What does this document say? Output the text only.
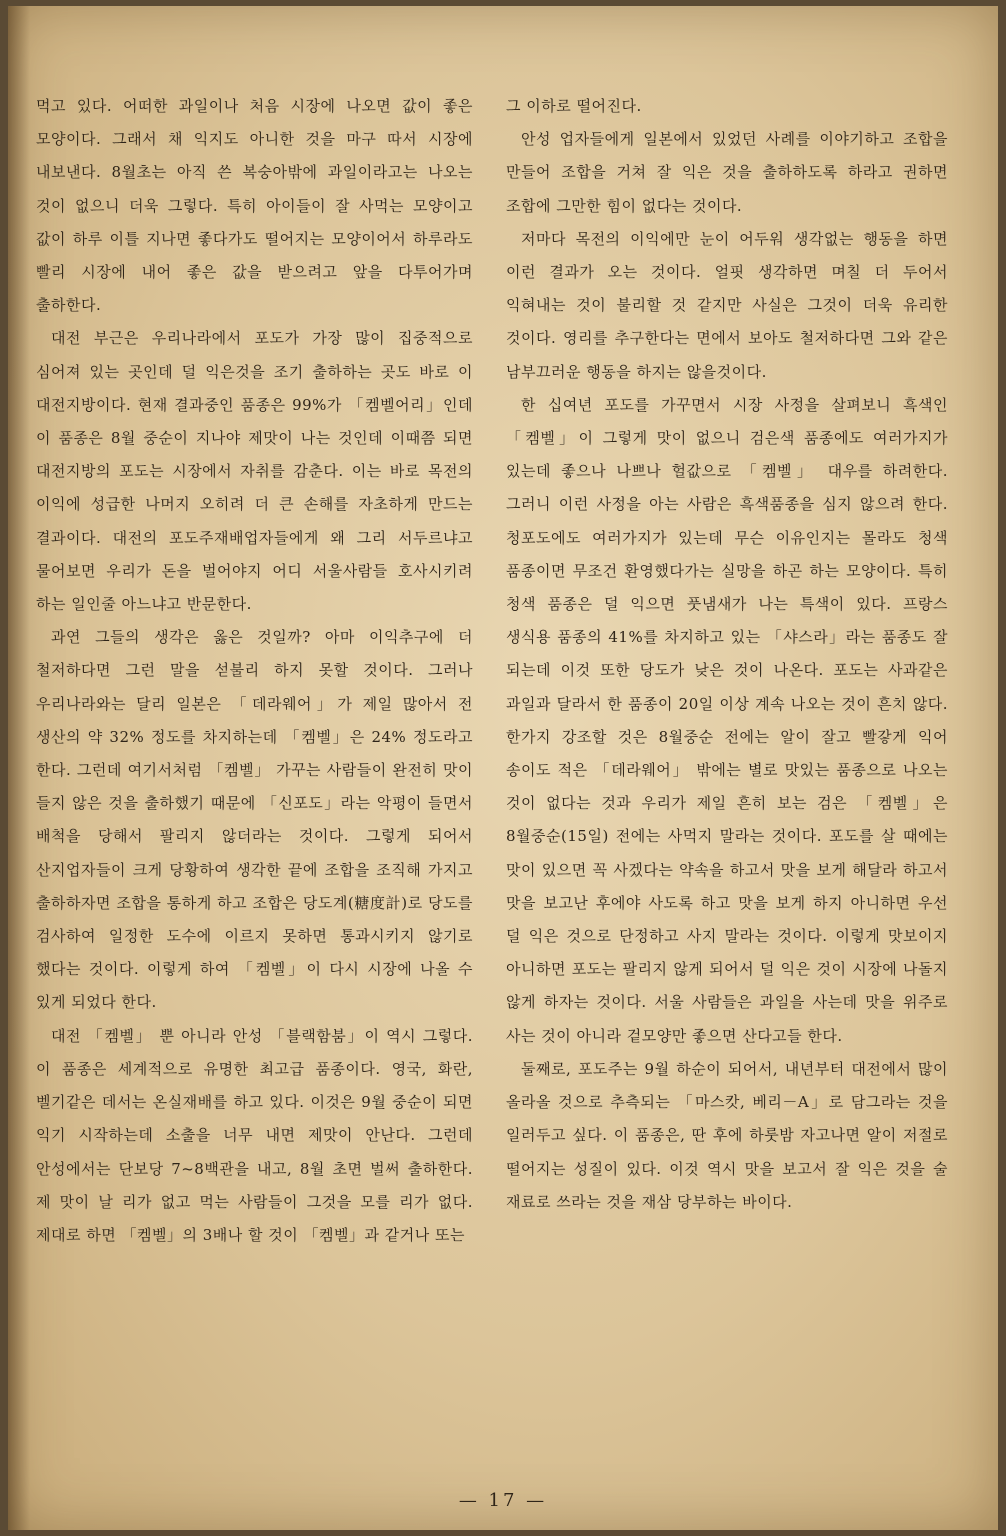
먹고 있다. 어떠한 과일이나 처음 시장에 나오면 값이 좋은 모양이다. 그래서 채 익지도 아니한 것을 마구 따서 시장에 내보낸다. 8월초는 아직 쓴 복숭아밖에 과일이라고는 나오는 것이 없으니 더욱 그렇다. 특히 아이들이 잘 사먹는 모양이고 값이 하루 이틀 지나면 좋다가도 떨어지는 모양이어서 하루라도 빨리 시장에 내어 좋은 값을 받으려고 앞을 다투어가며 출하한다.

대전 부근은 우리나라에서 포도가 가장 많이 집중적으로 심어져 있는 곳인데 덜 익은것을 조기 출하하는 곳도 바로 이 대전지방이다. 현재 결과중인 품종은 99%가 「켐벨어리」인데 이 품종은 8월 중순이 지나야 제맛이 나는 것인데 이때쯤 되면 대전지방의 포도는 시장에서 자취를 감춘다. 이는 바로 목전의 이익에 성급한 나머지 오히려 더 큰 손해를 자초하게 만드는 결과이다. 대전의 포도주재배업자들에게 왜 그리 서두르냐고 물어보면 우리가 돈을 벌어야지 어디 서울사람들 호사시키려 하는 일인줄 아느냐고 반문한다.

과연 그들의 생각은 옳은 것일까? 아마 이익추구에 더 철저하다면 그런 말을 섣불리 하지 못할 것이다. 그러나 우리나라와는 달리 일본은 「데라웨어」가 제일 많아서 전 생산의 약 32% 정도를 차지하는데 「켐벨」은 24% 정도라고 한다. 그런데 여기서처럼 「켐벨」 가꾸는 사람들이 완전히 맛이 들지 않은 것을 출하했기 때문에 「신포도」라는 악평이 들면서 배척을 당해서 팔리지 않더라는 것이다. 그렇게 되어서 산지업자들이 크게 당황하여 생각한 끝에 조합을 조직해 가지고 출하하자면 조합을 통하게 하고 조합은 당도계(糖度計)로 당도를 검사하여 일정한 도수에 이르지 못하면 통과시키지 않기로 했다는 것이다. 이렇게 하여 「켐벨」이 다시 시장에 나올 수 있게 되었다 한다.

대전 「켐벨」 뿐 아니라 안성 「블랙함붐」이 역시 그렇다. 이 품종은 세계적으로 유명한 최고급 품종이다. 영국, 화란, 벨기같은 데서는 온실재배를 하고 있다. 이것은 9월 중순이 되면 익기 시작하는데 소출을 너무 내면 제맛이 안난다. 그런데 안성에서는 단보당 7~8백관을 내고, 8월 초면 벌써 출하한다. 제 맛이 날 리가 없고 먹는 사람들이 그것을 모를 리가 없다. 제대로 하면 「켐벨」의 3배나 할 것이 「켐벨」과 같거나 또는

그 이하로 떨어진다.

안성 업자들에게 일본에서 있었던 사례를 이야기하고 조합을 만들어 조합을 거쳐 잘 익은 것을 출하하도록 하라고 권하면 조합에 그만한 힘이 없다는 것이다.

저마다 목전의 이익에만 눈이 어두워 생각없는 행동을 하면 이런 결과가 오는 것이다. 얼핏 생각하면 며칠 더 두어서 익혀내는 것이 불리할 것 같지만 사실은 그것이 더욱 유리한 것이다. 영리를 추구한다는 면에서 보아도 철저하다면 그와 같은 남부끄러운 행동을 하지는 않을것이다.

한 십여년 포도를 가꾸면서 시장 사정을 살펴보니 흑색인 「켐벨」이 그렇게 맛이 없으니 검은색 품종에도 여러가지가 있는데 좋으나 나쁘나 헐값으로 「켐벨」 대우를 하려한다. 그러니 이런 사정을 아는 사람은 흑색품종을 심지 않으려 한다. 청포도에도 여러가지가 있는데 무슨 이유인지는 몰라도 청색 품종이면 무조건 환영했다가는 실망을 하곤 하는 모양이다. 특히 청색 품종은 덜 익으면 풋냄새가 나는 특색이 있다. 프랑스 생식용 품종의 41%를 차지하고 있는 「샤스라」라는 품종도 잘 되는데 이것 또한 당도가 낮은 것이 나온다. 포도는 사과같은 과일과 달라서 한 품종이 20일 이상 계속 나오는 것이 흔치 않다. 한가지 강조할 것은 8월중순 전에는 알이 잘고 빨갛게 익어 송이도 적은 「데라웨어」 밖에는 별로 맛있는 품종으로 나오는 것이 없다는 것과 우리가 제일 흔히 보는 검은 「켐벨」은 8월중순(15일) 전에는 사먹지 말라는 것이다. 포도를 살 때에는 맛이 있으면 꼭 사겠다는 약속을 하고서 맛을 보게 해달라 하고서 맛을 보고난 후에야 사도록 하고 맛을 보게 하지 아니하면 우선 덜 익은 것으로 단정하고 사지 말라는 것이다. 이렇게 맛보이지 아니하면 포도는 팔리지 않게 되어서 덜 익은 것이 시장에 나돌지 않게 하자는 것이다. 서울 사람들은 과일을 사는데 맛을 위주로 사는 것이 아니라 겉모양만 좋으면 산다고들 한다.

둘째로, 포도주는 9월 하순이 되어서, 내년부터 대전에서 많이 올라올 것으로 추측되는 「마스캇, 베리－A」로 담그라는 것을 일러두고 싶다. 이 품종은, 딴 후에 하룻밤 자고나면 알이 저절로 떨어지는 성질이 있다. 이것 역시 맛을 보고서 잘 익은 것을 술 재료로 쓰라는 것을 재삼 당부하는 바이다.

— 17 —
